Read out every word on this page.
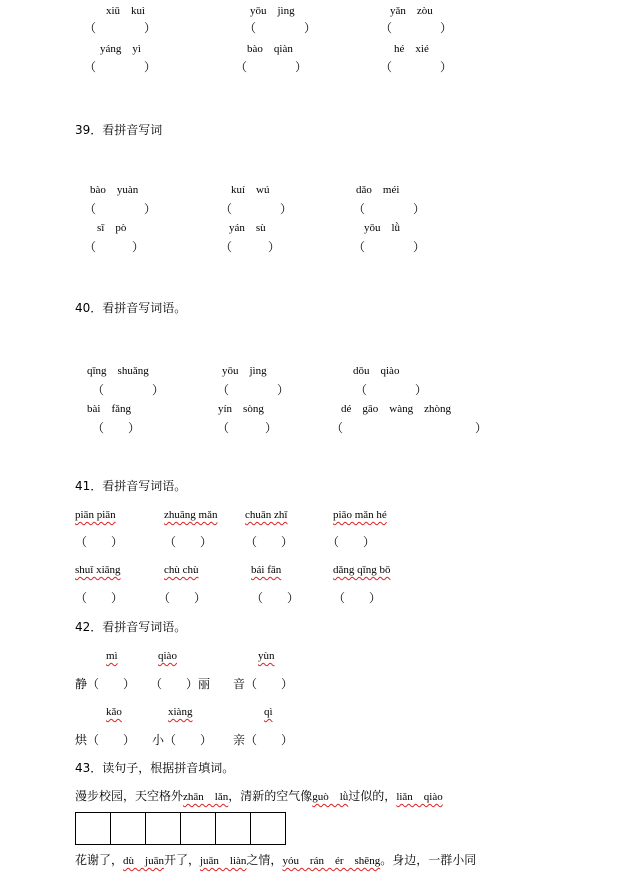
xiū　kuì	yōu　jìng	yǎn　zòu
（　　　　）	（　　　　）	（　　　　）
yáng　yì	bào　qiàn	hé　xié
（　　　　）	（　　　　）	（　　　　）
39．看拼音写词
bào　yuàn	kuí　wú	dǎo　méi
（　　　　）	（　　　　）	（　　　　）
sī　pò	yán　sù	yōu　lǜ
（　　　）	（　　　）	（　　　　）
40．看拼音写词语。
qīng　shuǎng	yōu　jìng	dōu　qiào
（　　　　）	（　　　　）	（　　　　）
bài　fǎng	yín　sòng	dé　gāo　wàng　zhòng
（　　）	（　　　）	（　　　　　　　　　　　）
41．看拼音写词语。
piān piān	zhuāng mǎn	chuān zhī	piāo mǎn hé
（　　）	（　　）	（　　）	（　　）
shuǐ xiāng	chù chù	bái fān	dǎng qīng bō
（　　）	（　　）	（　　）	（　　）
42．看拼音写词语。
mì	qiào	yùn
静（　　） （　　）丽 音（　　）
kǎo	xiàng	qì
烘（　　） 小（　　） 亲（　　）
43．读句子，根据拼音填词。
漫步校园，天空格外zhān　lǎn，清新的空气像guò　lǜ过似的，liǎn　qiào
花谢了，dù　juān开了，juān　liàn之情，yóu　rán　ér　shēng。身边，一群小同
